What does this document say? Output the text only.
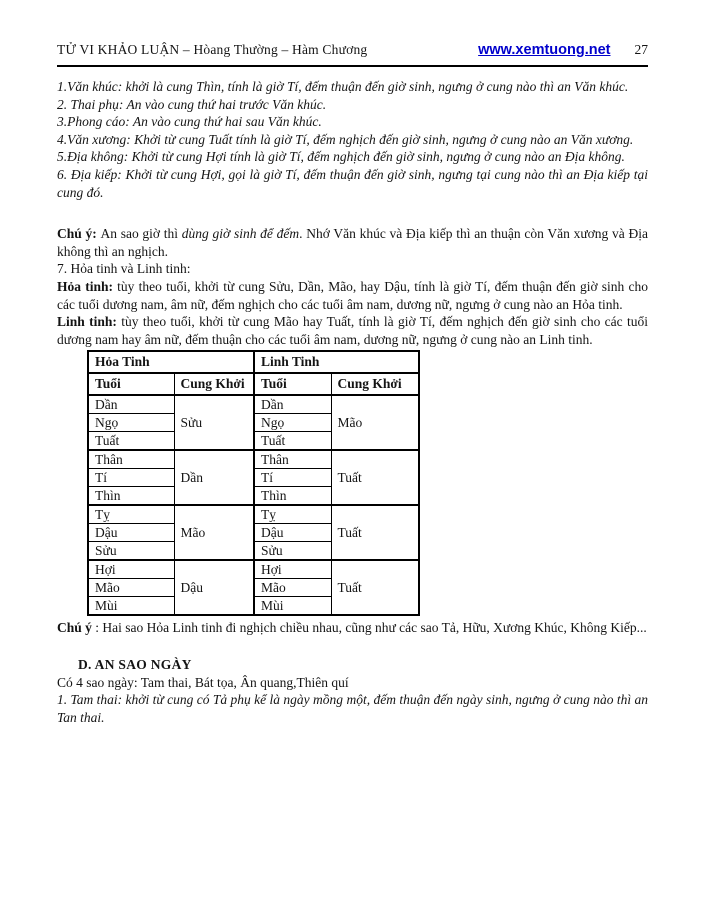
TỬ VI KHẢO LUẬN – Hòang Thường – Hàm Chương	www.xemtuong.net 27

1.Văn khúc: khởi là cung Thìn, tính là giờ Tí, đếm thuận đến giờ sinh, ngưng ở cung nào thì an Văn khúc.

2. Thai phụ: An vào cung thứ hai trước Văn khúc.

3.Phong cáo: An vào cung thứ hai sau Văn khúc.

4.Văn xương: Khởi từ cung Tuất tính là giờ Tí, đếm nghịch đến giờ sinh, ngưng ở cung nào an Văn xương.

5.Địa không: Khởi từ cung Hợi tính là giờ Tí, đếm nghịch đến giờ sinh, ngưng ở cung nào an Địa không.

6. Địa kiếp: Khởi từ cung Hợi, gọi là giờ Tí, đếm thuận đến giờ sinh, ngưng tại cung nào thì an Địa kiếp tại cung đó.

Chú ý: An sao giờ thì dùng giờ sinh để đếm. Nhớ Văn khúc và Địa kiếp thì an thuận còn Văn xương và Địa không thì an nghịch.

7. Hỏa tinh và Linh tinh:

Hỏa tinh: tùy theo tuổi, khởi từ cung Sửu, Dần, Mão, hay Dậu, tính là giờ Tí, đếm thuận đến giờ sinh cho các tuổi dương nam, âm nữ, đếm nghịch cho các tuổi âm nam, dương nữ, ngưng ở cung nào an Hỏa tinh.

Linh tinh: tùy theo tuổi, khởi từ cung Mão hay Tuất, tính là giờ Tí, đếm nghịch đến giờ sinh cho các tuổi dương nam hay âm nữ, đếm thuận cho các tuổi âm nam, dương nữ, ngưng ở cung nào an Linh tinh.

Hỏa Tinh		Linh Tinh	
Tuổi	Cung Khởi	Tuổi	Cung Khởi
Dần	Sửu	Dần	Mão
Ngọ		Ngọ	
Tuất		Tuất	
Thân	Dần	Thân	Tuất
Tí		Tí	
Thìn		Thìn	
Tỵ	Mão	Tỵ	Tuất
Dậu		Dậu	
Sửu		Sửu	
Hợi	Dậu	Hợi	Tuất
Mão		Mão	
Mùi		Mùi	

Chú ý : Hai sao Hỏa Linh tinh đi nghịch chiều nhau, cũng như các sao Tả, Hữu, Xương Khúc, Không Kiếp...

D. AN SAO NGÀY

Có 4 sao ngày: Tam thai, Bát tọa, Ân quang,Thiên quí

1. Tam thai: khởi từ cung có Tả phụ kể là ngày mồng một, đếm thuận đến ngày sinh, ngưng ở cung nào thì an Tan thai.
